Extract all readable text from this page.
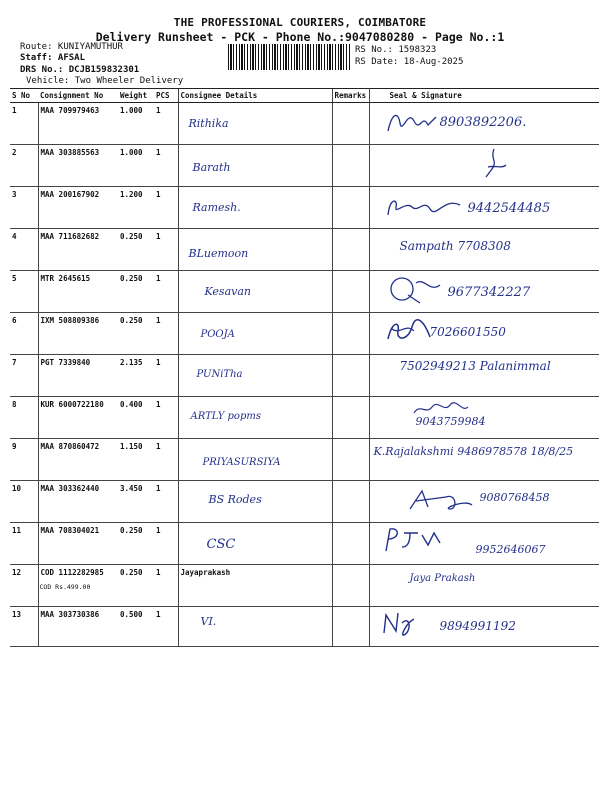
THE PROFESSIONAL COURIERS, COIMBATORE
Delivery Runsheet - PCK - Phone No.:9047080280 - Page No.:1
Route: KUNIYAMUTHUR
Staff: AFSAL
DRS No.: DCJB159832301
Vehicle: Two Wheeler Delivery
RS No.: 1598323
RS Date: 18-Aug-2025
S No	Consignment No	Weight	PCS	Consignee Details	Remarks	Seal & Signature
1	MAA 709979463	1.000	1	Rithika		8903892206.

2	MAA 303885563	1.000	1	Barath

3	MAA 200167902	1.200	1	Ramesh.		9442544485

4	MAA 711682682	0.250	1	BLuemoon		Sampath 7708308

5	MTR 2645615	0.250	1	Kesavan		9677342227

6	IXM 508809386	0.250	1	POOJA		7026601550

7	PGT 7339840	2.135	1	PUNiTha		7502949213 Palanimmal

8	KUR 6000722180	0.400	1	ARTLY popms		9043759984

9	MAA 870860472	1.150	1	PRIYASURSIYA		K.Rajalakshmi 9486978578 18/8/25

10	MAA 303362440	3.450	1	BS Rodes		9080768458

11	MAA 708304021	0.250	1	CSC		9952646067

12	COD 1112282985
COD Rs.499.00	0.250	1	Jayaprakash		Jaya Prakash

13	MAA 303730386	0.500	1	VI.		9894991192
